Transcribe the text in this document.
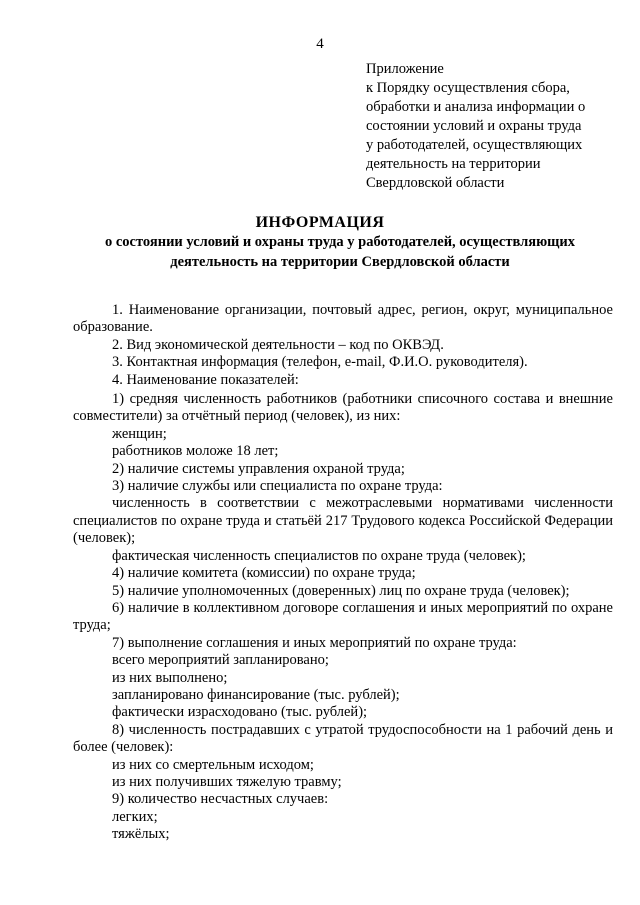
4
Приложение
к Порядку осуществления сбора,
обработки и анализа информации о
состоянии условий и охраны труда
у работодателей, осуществляющих
деятельность на территории
Свердловской области
ИНФОРМАЦИЯ
о состоянии условий и охраны труда у работодателей, осуществляющих деятельность на территории Свердловской области

1. Наименование организации, почтовый адрес, регион, округ, муниципальное образование.

2. Вид экономической деятельности – код по ОКВЭД.
3. Контактная информация (телефон, e-mail, Ф.И.О. руководителя).
4. Наименование показателей:

1) средняя численность работников (работники списочного состава и внешние совместители) за отчётный период (человек), из них:

женщин;
работников моложе 18 лет;
2) наличие системы управления охраной труда;
3) наличие службы или специалиста по охране труда:

численность в соответствии с межотраслевыми нормативами численности специалистов по охране труда и статьёй 217 Трудового кодекса Российской Федерации (человек);

фактическая численность специалистов по охране труда (человек);
4) наличие комитета (комиссии) по охране труда;
5) наличие уполномоченных (доверенных) лиц по охране труда (человек);

6) наличие в коллективном договоре соглашения и иных мероприятий по охране труда;

7) выполнение соглашения и иных мероприятий по охране труда:
всего мероприятий запланировано;
из них выполнено;
запланировано финансирование (тыс. рублей);
фактически израсходовано (тыс. рублей);

8) численность пострадавших с утратой трудоспособности на 1 рабочий день и более (человек):

из них со смертельным исходом;
из них получивших тяжелую травму;
9) количество несчастных случаев:
легких;
тяжёлых;
